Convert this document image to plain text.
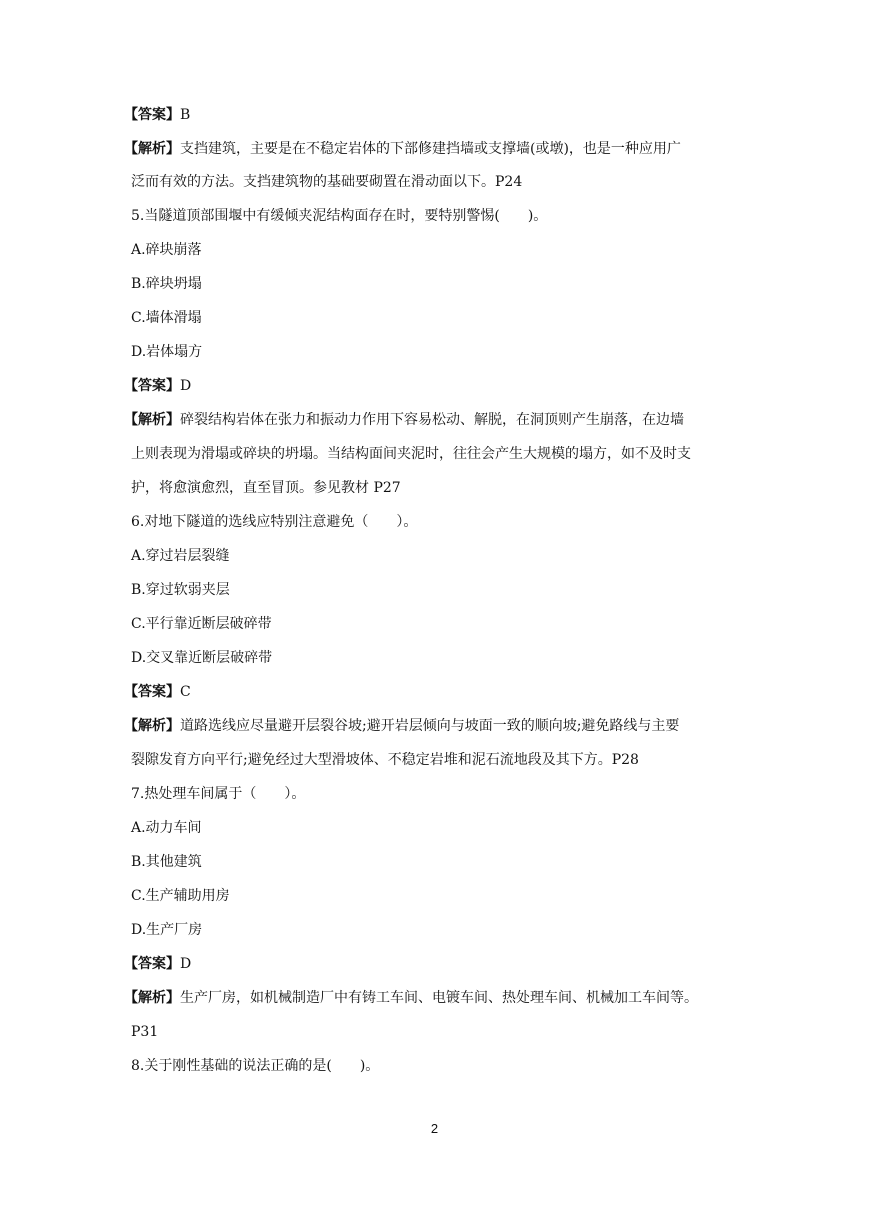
【答案】B
【解析】支挡建筑，主要是在不稳定岩体的下部修建挡墙或支撑墙(或墩)，也是一种应用广
泛而有效的方法。支挡建筑物的基础要砌置在滑动面以下。P24
5.当隧道顶部围堰中有缓倾夹泥结构面存在时，要特别警惕(　　)。
A.碎块崩落
B.碎块坍塌
C.墙体滑塌
D.岩体塌方
【答案】D
【解析】碎裂结构岩体在张力和振动力作用下容易松动、解脱，在洞顶则产生崩落，在边墙
上则表现为滑塌或碎块的坍塌。当结构面间夹泥时，往往会产生大规模的塌方，如不及时支
护，将愈演愈烈，直至冒顶。参见教材 P27
6.对地下隧道的选线应特别注意避免（　　）。
A.穿过岩层裂缝
B.穿过软弱夹层
C.平行靠近断层破碎带
D.交叉靠近断层破碎带
【答案】C
【解析】道路选线应尽量避开层裂谷坡;避开岩层倾向与坡面一致的顺向坡;避免路线与主要
裂隙发育方向平行;避免经过大型滑坡体、不稳定岩堆和泥石流地段及其下方。P28
7.热处理车间属于（　　）。
A.动力车间
B.其他建筑
C.生产辅助用房
D.生产厂房
【答案】D
【解析】生产厂房，如机械制造厂中有铸工车间、电镀车间、热处理车间、机械加工车间等。
P31
8.关于刚性基础的说法正确的是(　　)。
2
